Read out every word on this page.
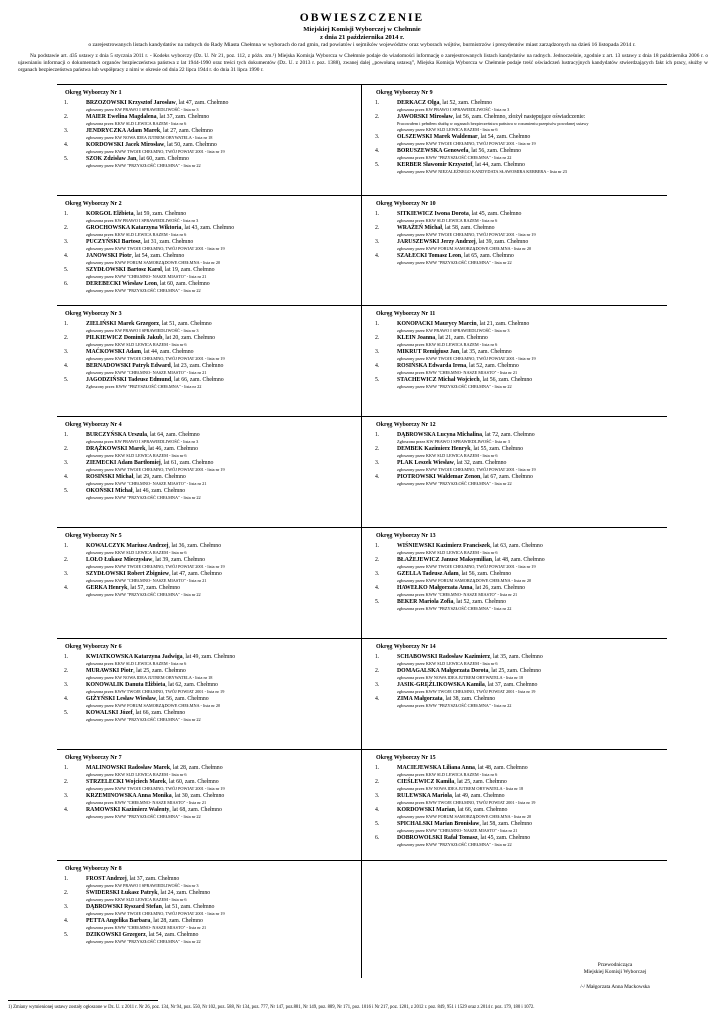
OBWIESZCZENIE
Miejskiej Komisji Wyborczej w Chełmnie
z dnia 21 października 2014 r.
o zarejestrowanych listach kandydatów na radnych do Rady Miasta Chełmna w wyborach do rad gmin, rad powiatów i sejmików województw oraz wyborach wójtów, burmistrzów i prezydentów miast zarządzonych na dzień 16 listopada 2014 r.
Na podstawie art. 435 ustawy z dnia 5 stycznia 2011 r. - Kodeks wyborczy (Dz. U. Nr 21, poz. 112, z późn. zm.¹) Miejska Komisja Wyborcza w Chełmnie podaje do wiadomości informację o zarejestrowanych listach kandydatów na radnych. Jednocześnie, zgodnie z art. 13 ustawy z dnia 18 października 2006 r. o ujawnianiu informacji o dokumentach organów bezpieczeństwa państwa z lat 1944-1990 oraz treści tych dokumentów (Dz. U. z 2013 r. poz. 1388), zwanej dalej „powołaną ustawą”, Miejska Komisja Wyborcza w Chełmnie podaje treść oświadczeń lustracyjnych kandydatów stwierdzających fakt ich pracy, służby w organach bezpieczeństwa państwa lub współpracy z nimi w okresie od dnia 22 lipca 1944 r. do dnia 31 lipca 1990 r.
Okręg Wyborczy Nr 1
1.	BRZOZOWSKI Krzysztof Jarosław, lat 47, zam. Chełmno
zgłoszony przez KW PRAWO I SPRAWIEDLIWOŚĆ - lista nr 3
2.	MAIER Ewelina Magdalena, lat 37, zam. Chełmno
zgłoszona przez KKW SLD LEWICA RAZEM - lista nr 6
3.	JENDRYCZKA Adam Marek, lat 27, zam. Chełmno
zgłoszony przez KW NOWA IDEA JUTREM OBYWATELA - lista nr 18
4.	KORDOWSKI Jacek Mirosław, lat 50, zam. Chełmno
zgłoszony przez KWW TWOJE CHEŁMNO, TWÓJ POWIAT 2001 - lista nr 19
5.	SZOK Zdzisław Jan, lat 60, zam. Chełmno
zgłoszony przez KWW "PRZYSZŁOŚĆ CHEŁMNA" - lista nr 22
Okręg Wyborczy Nr 9
1.	DERKACZ Olga, lat 52, zam. Chełmno
zgłoszona przez KW PRAWO I SPRAWIEDLIWOŚĆ - lista nr 3
2.	JAWORSKI Mirosław, lat 56, zam. Chełmno, złożył następujące oświadczenie:
Pracowałem i pełniłem służbę w organach bezpieczeństwa państwa w rozumieniu przepisów powołanej ustawy
zgłoszony przez KKW SLD LEWICA RAZEM - lista nr 6
3.	OLSZEWSKI Marek Waldemar, lat 54, zam. Chełmno
zgłoszony przez KWW TWOJE CHEŁMNO, TWÓJ POWIAT 2001 - lista nr 19
4.	BORUSZEWSKA Genowefa, lat 56, zam. Chełmno
zgłoszona przez KWW "PRZYSZŁOŚĆ CHEŁMNA" - lista nr 22
5.	KERBER Sławomir Krzysztof, lat 44, zam. Chełmno
zgłoszony przez KWW NIEZALEŻNEGO KANDYDATA SŁAWOMIRA KERBERA - lista nr 23
Okręg Wyborczy Nr 2
1.	KORGOL Elżbieta, lat 59, zam. Chełmno
zgłoszona przez KW PRAWO I SPRAWIEDLIWOŚĆ - lista nr 3
2.	GROCHOWSKA Katarzyna Wiktoria, lat 43, zam. Chełmno
zgłoszona przez KKW SLD LEWICA RAZEM - lista nr 6
3.	PUCZYŃSKI Bartosz, lat 31, zam. Chełmno
zgłoszony przez KWW TWOJE CHEŁMNO, TWÓJ POWIAT 2001 - lista nr 19
4.	JANOWSKI Piotr, lat 54, zam. Chełmno
zgłoszony przez KWW FORUM SAMORZĄDOWE CHEŁMNA - lista nr 20
5.	SZYDŁOWSKI Bartosz Karol, lat 19, zam. Chełmno
zgłoszony przez KWW "CHEŁMNO- NASZE MIASTO" - lista nr 21
6.	DEREBECKI Wiesław Leon, lat 60, zam. Chełmno
zgłoszony przez KWW "PRZYSZŁOŚĆ CHEŁMNA" - lista nr 22
Okręg Wyborczy Nr 10
1.	SITKIEWICZ Iwona Dorota, lat 45, zam. Chełmno
zgłoszona przez KKW SLD LEWICA RAZEM - lista nr 6
2.	WRAŻEŃ Michał, lat 58, zam. Chełmno
zgłoszony przez KWW TWOJE CHEŁMNO, TWÓJ POWIAT 2001 - lista nr 19
3.	JARUSZEWSKI Jerzy Andrzej, lat 39, zam. Chełmno
zgłoszony przez KWW FORUM SAMORZĄDOWE CHEŁMNA - lista nr 20
4.	SZAŁECKI Tomasz Leon, lat 65, zam. Chełmno
zgłoszony przez KWW "PRZYSZŁOŚĆ CHEŁMNA" - lista nr 22
Okręg Wyborczy Nr 3
1.	ZIELIŃSKI Marek Grzegorz, lat 51, zam. Chełmno
zgłoszony przez KW PRAWO I SPRAWIEDLIWOŚĆ - lista nr 3
2.	PILKIEWICZ Dominik Jakub, lat 20, zam. Chełmno
zgłoszony przez KKW SLD LEWICA RAZEM - lista nr 6
3.	MAĆKOWSKI Adam, lat 44, zam. Chełmno
zgłoszony przez KWW TWOJE CHEŁMNO, TWÓJ POWIAT 2001 - lista nr 19
4.	BERNADOWSKI Patryk Edward, lat 23, zam. Chełmno
zgłoszony przez KWW "CHEŁMNO- NASZE MIASTO" - lista nr 21
5.	JAGODZIŃSKI Tadeusz Edmund, lat 66, zam. Chełmno
Zgłoszony przez KWW "PRZYSZŁOŚĆ CHEŁMNA" - lista nr 22
Okręg Wyborczy Nr 11
1.	KONOPACKI Maurycy Marcin, lat 21, zam. Chełmno
zgłoszony przez KW PRAWO I SPRAWIEDLIWOŚĆ - lista nr 3
2.	KLEIN Joanna, lat 21, zam. Chełmno
zgłoszona przez KKW SLD LEWICA RAZEM - lista nr 6
3.	MIKRUT Remigiusz Jan, lat 35, zam. Chełmno
zgłoszony przez KWW TWOJE CHEŁMNO, TWÓJ POWIAT 2001 - lista nr 19
4.	ROSIŃSKA Edwarda Irena, lat 52, zam. Chełmno
zgłoszona przez KWW "CHEŁMNO- NASZE MIASTO" - lista nr 21
5.	STACHEWICZ Michał Wojciech, lat 56, zam. Chełmno
zgłoszony przez KWW "PRZYSZŁOŚĆ CHEŁMNA" - lista nr 22
Okręg Wyborczy Nr 4
1.	BURCZYŃSKA Urszula, lat 64, zam. Chełmno
zgłoszona przez KW PRAWO I SPRAWIEDLIWOŚĆ - lista nr 3
2.	DRĄŻKOWSKI Marek, lat 46, zam. Chełmno
zgłoszony przez KKW SLD LEWICA RAZEM - lista nr 6
3.	ZIEMECKI Adam Bartłomiej, lat 61, zam. Chełmno
zgłoszony przez KWW TWOJE CHEŁMNO, TWÓJ POWIAT 2001 - lista nr 19
4.	ROSIŃSKI Michał, lat 29, zam. Chełmno
zgłoszony przez KWW "CHEŁMNO- NASZE MIASTO" - lista nr 21
5.	OKOŃSKI Michał, lat 46, zam. Chełmno
zgłoszony przez KWW "PRZYSZŁOŚĆ CHEŁMNA" - lista nr 22
Okręg Wyborczy Nr 12
1.	DĄBROWSKA Lucyna Michalina, lat 72, zam. Chełmno
Zgłoszona przez KW PRAWO I SPRAWIEDLIWOŚĆ - lista nr 3
2.	DEMBEK Kazimierz Henryk, lat 55, zam. Chełmno
zgłoszony przez KKW SLD LEWICA RAZEM - lista nr 6
3.	PLAK Leszek Wiesław, lat 32, zam. Chełmno
zgłoszony przez KWW TWOJE CHEŁMNO, TWÓJ POWIAT 2001 - lista nr 19
4.	PIOTROWSKI Waldemar Zenon, lat 67, zam. Chełmno
zgłoszony przez KWW "PRZYSZŁOŚĆ CHEŁMNA" - lista nr 22
Okręg Wyborczy Nr 5
1.	KOWALCZYK Mariusz Andrzej, lat 36, zam. Chełmno
zgłoszony przez KKW SLD LEWICA RAZEM - lista nr 6
2.	LOŁO Łukasz Mieczysław, lat 39, zam. Chełmno
zgłoszony przez KWW TWOJE CHEŁMNO, TWÓJ POWIAT 2001 - lista nr 19
3.	SZYDŁOWSKI Robert Zbigniew, lat 47, zam. Chełmno
zgłoszony przez KWW "CHEŁMNO- NASZE MIASTO" - lista nr 21
4.	GERKA Henryk, lat 57, zam. Chełmno
zgłoszony przez KWW "PRZYSZŁOŚĆ CHEŁMNA" - lista nr 22
Okręg Wyborczy Nr 13
1.	WIŚNIEWSKI Kazimierz Franciszek, lat 63, zam. Chełmno
zgłoszony przez KKW SLD LEWICA RAZEM - lista nr 6
2.	BŁAŻEJEWICZ Janusz Maksymilian, lat 48, zam. Chełmno
zgłoszony przez KWW TWOJE CHEŁMNO, TWÓJ POWIAT 2001 - lista nr 19
3.	GZELLA Tadeusz Adam, lat 56, zam. Chełmno
zgłoszony przez KWW FORUM SAMORZĄDOWE CHEŁMNA - lista nr 20
4.	HAWEŁKO Małgorzata Anna, lat 26, zam. Chełmno
zgłoszona przez KWW "CHEŁMNO- NASZE MIASTO" - lista nr 21
5.	BEKER Mariola Zofia, lat 52, zam. Chełmno
zgłoszona przez KWW "PRZYSZŁOŚĆ CHEŁMNA" - lista nr 22
Okręg Wyborczy Nr 6
1.	KWIATKOWSKA Katarzyna Jadwiga, lat 49, zam. Chełmno
zgłoszona przez KKW SLD LEWICA RAZEM - lista nr 6
2.	MURAWSKI Piotr, lat 25, zam. Chełmno
zgłoszony przez KW NOWA IDEA JUTREM OBYWATELA - lista nr 18
3.	KONOWALIK Danuta Elżbieta, lat 62, zam. Chełmno
zgłoszona przez KWW TWOJE CHEŁMNO, TWÓJ POWIAT 2001 - lista nr 19
4.	GIŻYŃSKI Lesław Wiesław, lat 56, zam. Chełmno
zgłoszony przez KWW FORUM SAMORZĄDOWE CHEŁMNA - lista nr 20
5.	KOWALSKI Józef, lat 66, zam. Chełmno
zgłoszony przez KWW "PRZYSZŁOŚĆ CHEŁMNA" - lista nr 22
Okręg Wyborczy Nr 14
1.	SCHABOWSKI Radosław Kazimierz, lat 35, zam. Chełmno
zgłoszony przez KKW SLD LEWICA RAZEM - lista nr 6
2.	DOMAGALSKA Małgorzata Dorota, lat 25, zam. Chełmno
zgłoszona przez KW NOWA IDEA JUTREM OBYWATELA - lista nr 18
3.	JASIK-GRĘŹLIKOWSKA Kamila, lat 37, zam. Chełmno
zgłoszona przez KWW TWOJE CHEŁMNO, TWÓJ POWIAT 2001 - lista nr 19
4.	ZIMA Małgorzata, lat 38, zam. Chełmno
zgłoszona przez KWW "PRZYSZŁOŚĆ CHEŁMNA" - lista nr 22
Okręg Wyborczy Nr 7
1.	MALINOWSKI Radosław Marek, lat 28, zam. Chełmno
zgłoszony przez KKW SLD LEWICA RAZEM - lista nr 6
2.	STRZELECKI Wojciech Marek, lat 60, zam. Chełmno
zgłoszony przez KWW TWOJE CHEŁMNO, TWÓJ POWIAT 2001 - lista nr 19
3.	KRZEMINOWSKA Anna Monika, lat 30, zam. Chełmno
zgłoszona przez KWW "CHEŁMNO- NASZE MIASTO" - lista nr 21
4.	RAMOWSKI Kazimierz Walenty, lat 68, zam. Chełmno
zgłoszony przez KWW "PRZYSZŁOŚĆ CHEŁMNA" - lista nr 22
Okręg Wyborczy Nr 15
1.	MACIEJEWSKA Liliana Anna, lat 48, zam. Chełmno
zgłoszona przez KKW SLD LEWICA RAZEM - lista nr 6
2.	CIEŚLEWICZ Kamila, lat 25, zam. Chełmno
zgłoszona przez KW NOWA IDEA JUTREM OBYWATELA - lista nr 18
3.	RULEWSKA Mariola, lat 49, zam. Chełmno
zgłoszona przez KWW TWOJE CHEŁMNO, TWÓJ POWIAT 2001 - lista nr 19
4.	KORDOWSKI Marian, lat 66, zam. Chełmno
zgłoszony przez KWW FORUM SAMORZĄDOWE CHEŁMNA - lista nr 20
5.	SPICHALSKI Marian Bronisław, lat 58, zam. Chełmno
zgłoszony przez KWW "CHEŁMNO- NASZE MIASTO" - lista nr 21
6.	DOBROWOLSKI Rafał Tomasz, lat 45, zam. Chełmno
zgłoszony przez KWW "PRZYSZŁOŚĆ CHEŁMNA" - lista nr 22
Okręg Wyborczy Nr 8
1.	FROST Andrzej, lat 37, zam. Chełmno
zgłoszony przez KW PRAWO I SPRAWIEDLIWOŚĆ - lista nr 3
2.	ŚWIDERSKI Łukasz Patryk, lat 24, zam. Chełmno
zgłoszony przez KKW SLD LEWICA RAZEM - lista nr 6
3.	DĄBROWSKI Ryszard Stefan, lat 51, zam. Chełmno
zgłoszony przez KWW TWOJE CHEŁMNO, TWÓJ POWIAT 2001 - lista nr 19
4.	PETTA Angelika Barbara, lat 28, zam. Chełmno
zgłoszona przez KWW "CHEŁMNO- NASZE MIASTO" - lista nr 21
5.	DZIKOWSKI Grzegorz, lat 54, zam. Chełmno
zgłoszony przez KWW "PRZYSZŁOŚĆ CHEŁMNA" - lista nr 22
Przewodnicząca
Miejskiej Komisji Wyborczej
/-/ Małgorzata Anna Mackowska
1) Zmiany wymienionej ustawy zostały ogłoszone w Dz. U. z 2011 r. Nr 26, poz. 134, Nr 94, poz. 550, Nr 102, poz. 588, Nr 134, poz. 777, Nr 147, poz.881, Nr 149, poz. 889, Nr 171, poz. 1016 i Nr 217, poz. 1281, z 2012 r. poz. 849, 951 i 1529 oraz z 2014 r. poz. 179, 180 i 1072.
